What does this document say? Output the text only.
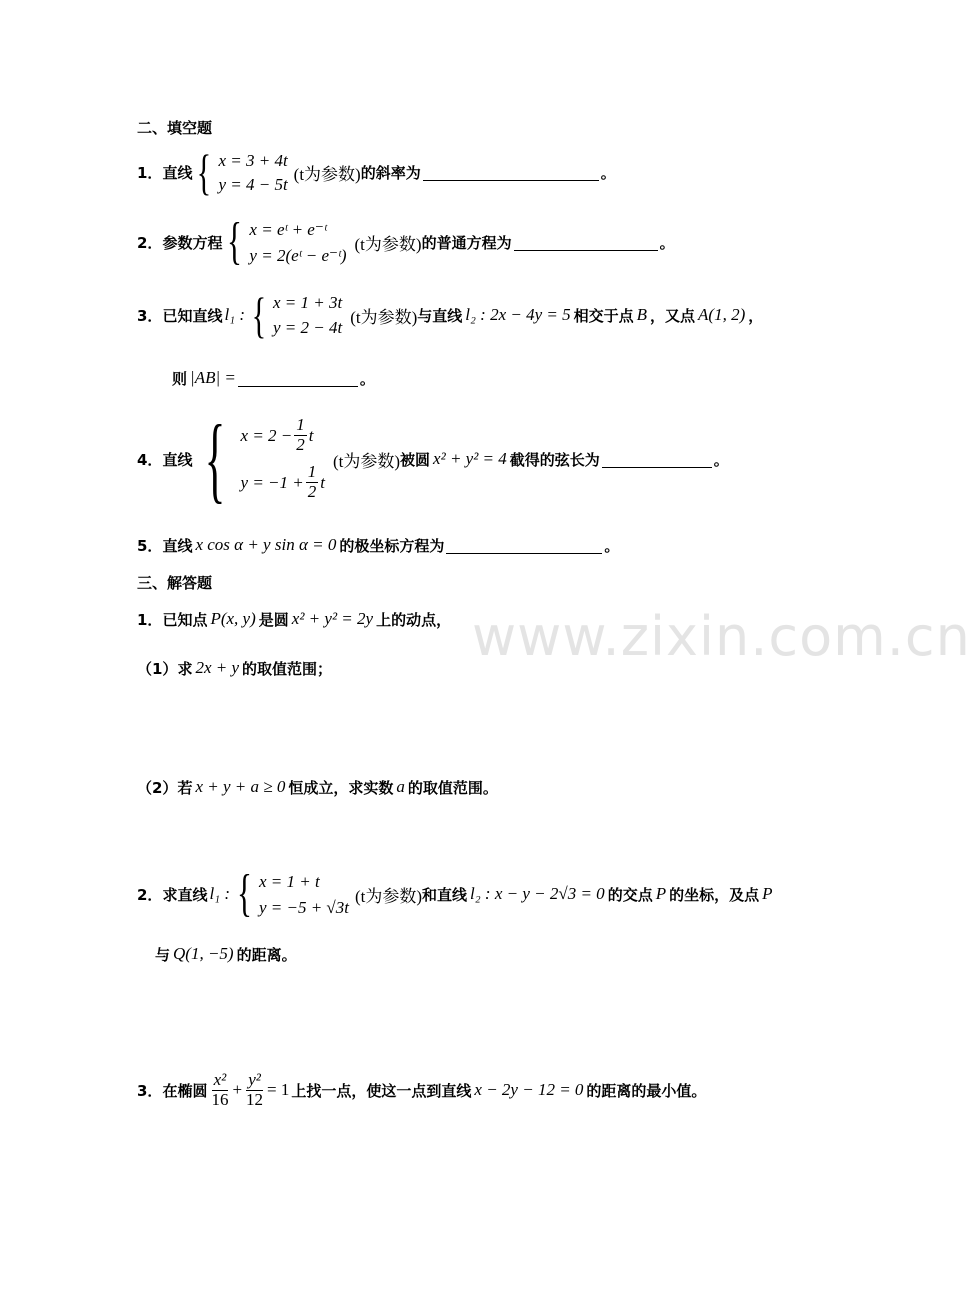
www.zixin.com.cn
二、填空题
1． 直线 { x = 3 + 4t
y = 4 − 5t
(t为参数) 的斜率为	。
2． 参数方程 { x = eᵗ + e⁻ᵗ
y = 2(eᵗ − e⁻ᵗ)
(t为参数) 的普通方程为	。
3． 已知直线 l₁ : { x = 1 + 3t
y = 2 − 4t
(t为参数) 与直线 l₂ : 2x − 4y = 5 相交于点 B ，又点 A(1, 2) ，
则 |AB| =	。
4． 直线 { $x = 2 - \frac{1}{2}$ t
$y = -1 + \frac{1}{2}$ t
(t为参数) 被圆 x² + y² = 4 截得的弦长为	。
5． 直线 x cos α + y sin α = 0 的极坐标方程为	。
三、解答题
1． 已知点 P(x, y) 是圆 x² + y² = 2y 上的动点，
（1） 求 2x + y 的取值范围；
（2） 若 x + y + a ≥ 0 恒成立，求实数 a 的取值范围。
2． 求直线 l₁ : { x = 1 + t
y = −5 + √3t
(t为参数) 和直线 l₂ : x − y − 2√3 = 0 的交点 P 的坐标，及点 P
与 Q(1, −5) 的距离。
3． 在椭圆 $\frac{\text{x²}}{16} + \frac{\text{y²}}{12} = 1$ 上找一点，使这一点到直线 x − 2y − 12 = 0 的距离的最小值。
